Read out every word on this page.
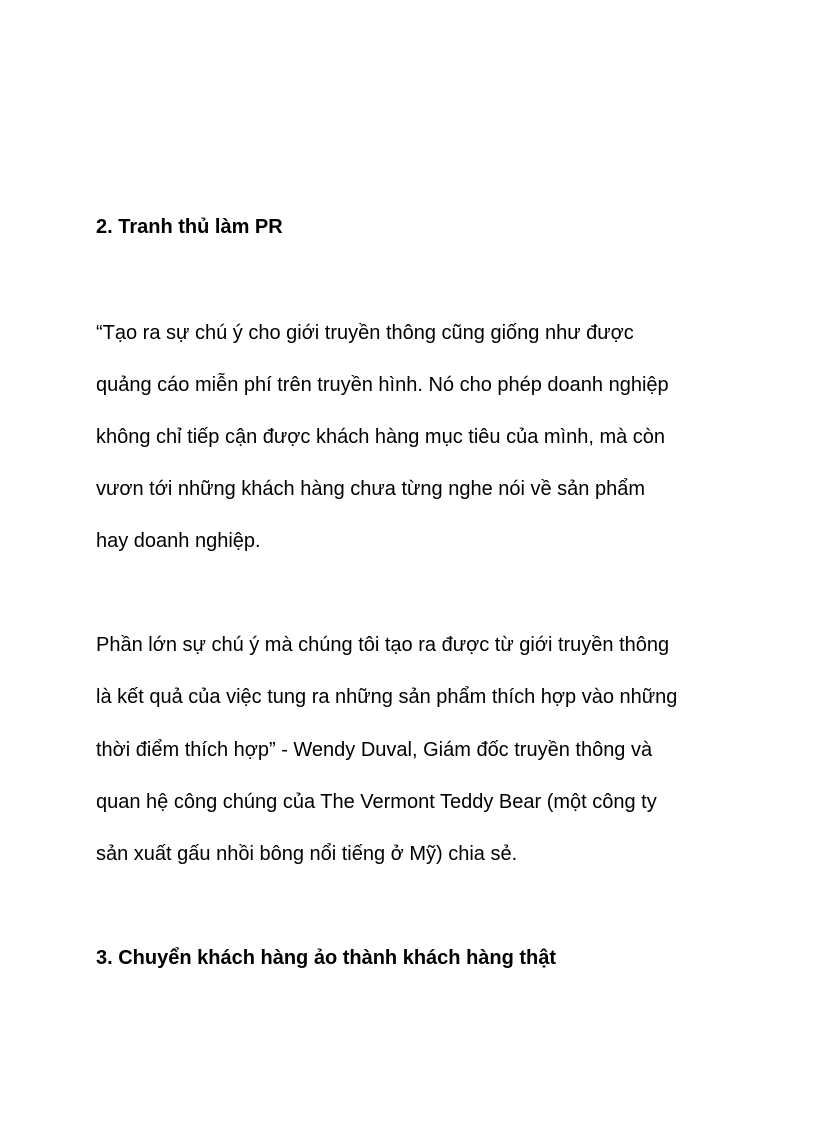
2. Tranh thủ làm PR

“Tạo ra sự chú ý cho giới truyền thông cũng giống như được

quảng cáo miễn phí trên truyền hình. Nó cho phép doanh nghiệp

không chỉ tiếp cận được khách hàng mục tiêu của mình, mà còn

vươn tới những khách hàng chưa từng nghe nói về sản phẩm

hay doanh nghiệp.

Phần lớn sự chú ý mà chúng tôi tạo ra được từ giới truyền thông

là kết quả của việc tung ra những sản phẩm thích hợp vào những

thời điểm thích hợp” - Wendy Duval, Giám đốc truyền thông và

quan hệ công chúng của The Vermont Teddy Bear (một công ty

sản xuất gấu nhồi bông nổi tiếng ở Mỹ) chia sẻ.

3. Chuyển khách hàng ảo thành khách hàng thật
